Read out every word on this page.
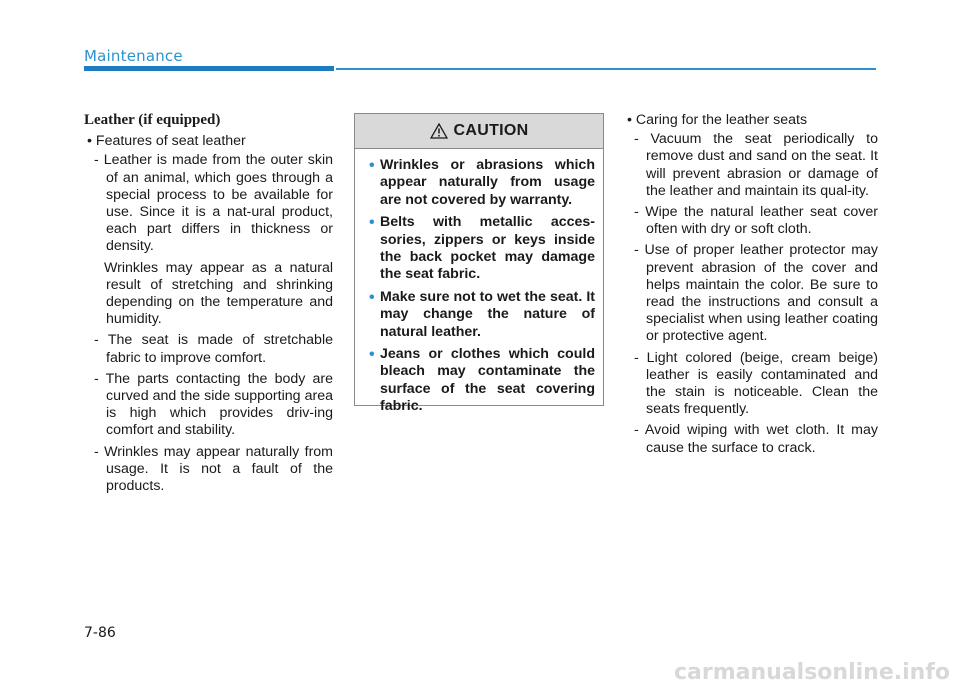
Maintenance
Leather (if equipped)
• Features of seat leather
- Leather is made from the outer skin of an animal, which goes through a special process to be available for use. Since it is a nat-ural product, each part differs in thickness or density.
Wrinkles may appear as a natural result of stretching and shrinking depending on the temperature and humidity.
- The seat is made of stretchable fabric to improve comfort.
- The parts contacting the body are curved and the side supporting area is high which provides driv-ing comfort and stability.
- Wrinkles may appear naturally from usage. It is not a fault of the products.
CAUTION
• Wrinkles or abrasions which appear naturally from usage are not covered by warranty.
• Belts with metallic acces-sories, zippers or keys inside the back pocket may damage the seat fabric.
• Make sure not to wet the seat. It may change the nature of natural leather.
• Jeans or clothes which could bleach may contaminate the surface of the seat covering fabric.
• Caring for the leather seats
- Vacuum the seat periodically to remove dust and sand on the seat. It will prevent abrasion or damage of the leather and maintain its qual-ity.
- Wipe the natural leather seat cover often with dry or soft cloth.
- Use of proper leather protector may prevent abrasion of the cover and helps maintain the color. Be sure to read the instructions and consult a specialist when using leather coating or protective agent.
- Light colored (beige, cream beige) leather is easily contaminated and the stain is noticeable. Clean the seats frequently.
- Avoid wiping with wet cloth. It may cause the surface to crack.
7-86
carmanualsonline.info
